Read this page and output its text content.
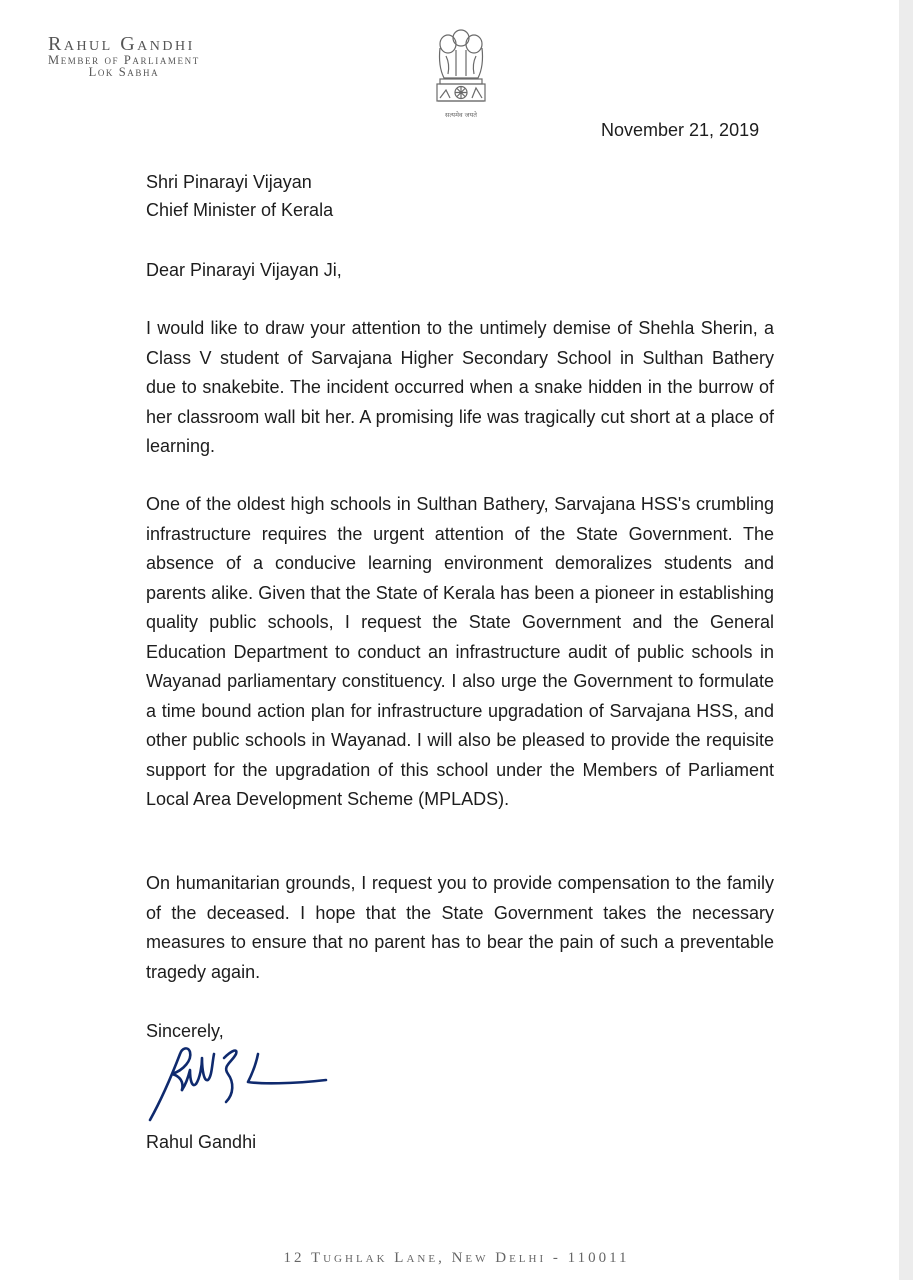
Rahul Gandhi
Member of Parliament
Lok Sabha
सत्यमेव जयते
November 21, 2019
Shri Pinarayi Vijayan
Chief Minister of Kerala
Dear Pinarayi Vijayan Ji,
I would like to draw your attention to the untimely demise of Shehla Sherin, a Class V student of Sarvajana Higher Secondary School in Sulthan Bathery due to snakebite. The incident occurred when a snake hidden in the burrow of her classroom wall bit her. A promising life was tragically cut short at a place of learning.
One of the oldest high schools in Sulthan Bathery, Sarvajana HSS's crumbling infrastructure requires the urgent attention of the State Government. The absence of a conducive learning environment demoralizes students and parents alike. Given that the State of Kerala has been a pioneer in establishing quality public schools, I request the State Government and the General Education Department to conduct an infrastructure audit of public schools in Wayanad parliamentary constituency. I also urge the Government to formulate a time bound action plan for infrastructure upgradation of Sarvajana HSS, and other public schools in Wayanad. I will also be pleased to provide the requisite support for the upgradation of this school under the Members of Parliament Local Area Development Scheme (MPLADS).
On humanitarian grounds, I request you to provide compensation to the family of the deceased. I hope that the State Government takes the necessary measures to ensure that no parent has to bear the pain of such a preventable tragedy again.
Sincerely,
Rahul Gandhi
12 Tughlak Lane, New Delhi - 110011
